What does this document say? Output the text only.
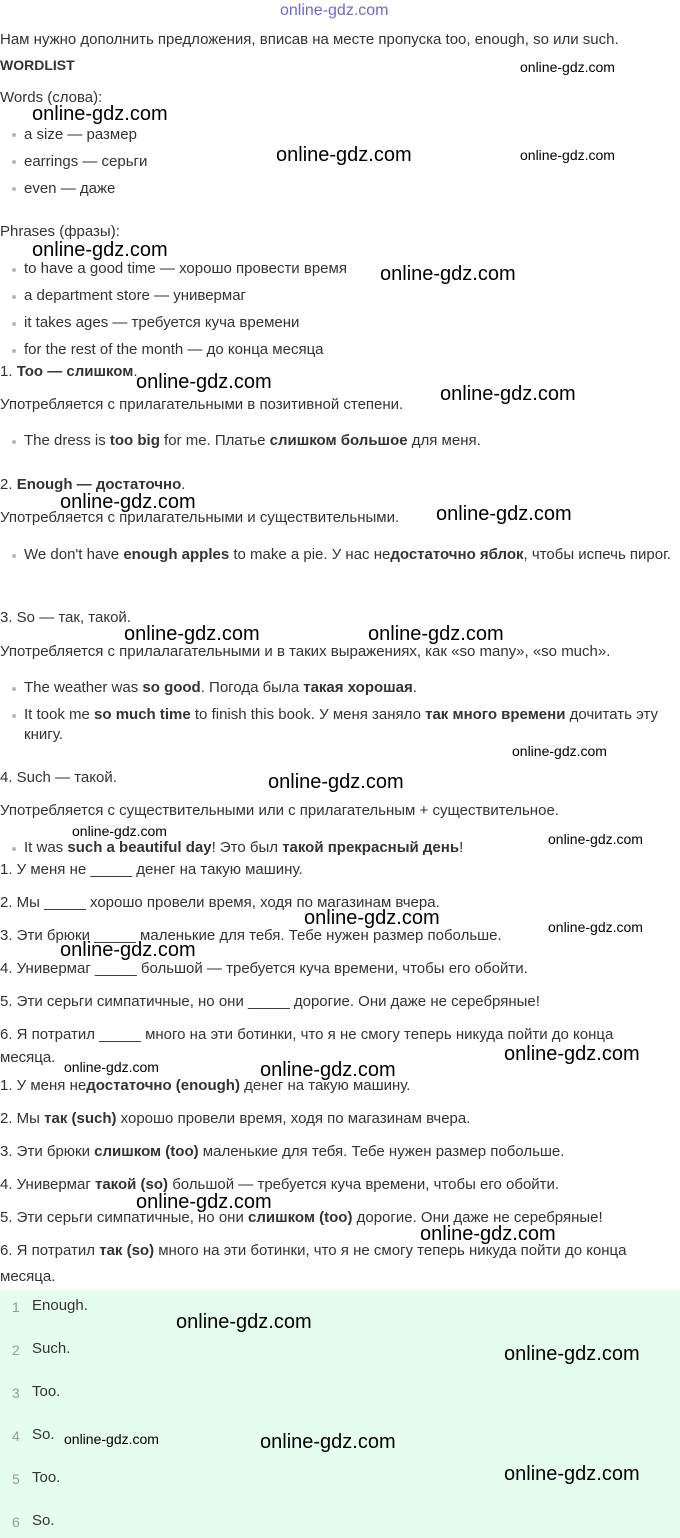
online-gdz.com
Нам нужно дополнить предложения, вписав на месте пропуска too, enough, so или such.
WORDLIST
Words (слова):
a size — размер
earrings — серьги
even — даже
Phrases (фразы):
to have a good time — хорошо провести время
a department store — универмаг
it takes ages — требуется куча времени
for the rest of the month — до конца месяца
1. Too — слишком.
Употребляется с прилагательными в позитивной степени.
The dress is too big for me. Платье слишком большое для меня.
2. Enough — достаточно.
Употребляется с прилагательными и существительными.
We don't have enough apples to make a pie. У нас недостаточно яблок, чтобы испечь пирог.
3. So — так, такой.
Употребляется с прилалагательными и в таких выражениях, как «so many», «so much».
The weather was so good. Погода была такая хорошая.
It took me so much time to finish this book. У меня заняло так много времени дочитать эту книгу.
4. Such — такой.
Употребляется с существительными или с прилагательным + существительное.
It was such a beautiful day! Это был такой прекрасный день!
1. У меня не _____ денег на такую машину.
2. Мы _____ хорошо провели время, ходя по магазинам вчера.
3. Эти брюки _____ маленькие для тебя. Тебе нужен размер побольше.
4. Универмаг _____ большой — требуется куча времени, чтобы его обойти.
5. Эти серьги симпатичные, но они _____ дорогие. Они даже не серебряные!
6. Я потратил _____ много на эти ботинки, что я не смогу теперь никуда пойти до конца
месяца.
1. У меня недостаточно (enough) денег на такую машину.
2. Мы так (such) хорошо провели время, ходя по магазинам вчера.
3. Эти брюки слишком (too) маленькие для тебя. Тебе нужен размер побольше.
4. Универмаг такой (so) большой — требуется куча времени, чтобы его обойти.
5. Эти серьги симпатичные, но они слишком (too) дорогие. Они даже не серебряные!
6. Я потратил так (so) много на эти ботинки, что я не смогу теперь никуда пойти до конца
месяца.
1 Enough.
2 Such.
3 Too.
4 So.
5 Too.
6 So.
online-gdz.com
online-gdz.com
online-gdz.com	online-gdz.com
online-gdz.com
online-gdz.com
online-gdz.com
online-gdz.com
online-gdz.com
online-gdz.com
online-gdz.com	online-gdz.com
online-gdz.com
online-gdz.com
online-gdz.com	online-gdz.com
online-gdz.com	online-gdz.com
online-gdz.com
online-gdz.com
online-gdz.com	online-gdz.com
online-gdz.com
online-gdz.com
online-gdz.com
online-gdz.com
online-gdz.com	online-gdz.com
online-gdz.com
